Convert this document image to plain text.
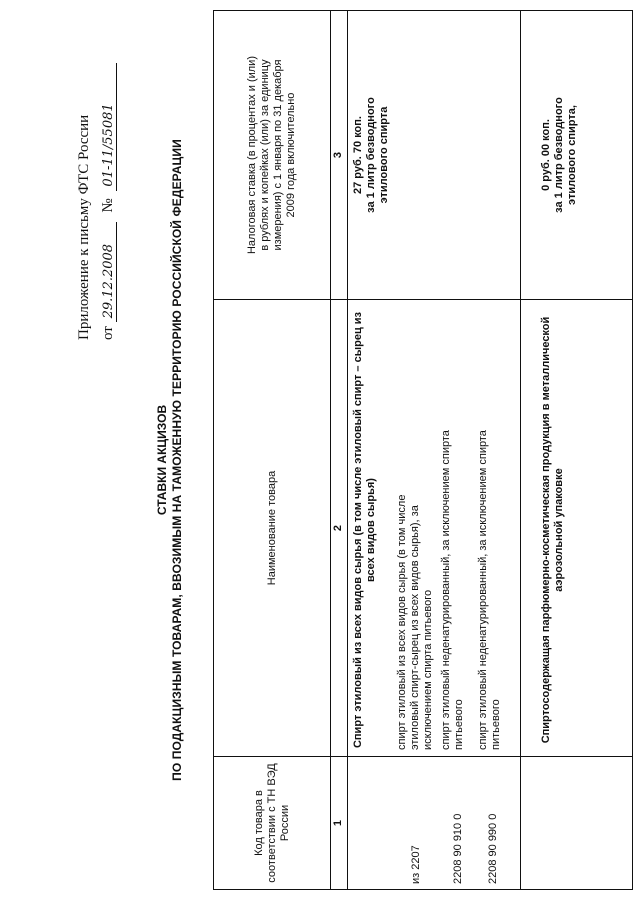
Приложение к письму ФТС России от 29.12.2008 № 01-11/55081
СТАВКИ АКЦИЗОВ ПО ПОДАКЦИЗНЫМ ТОВАРАМ, ВВОЗИМЫМ НА ТАМОЖЕННУЮ ТЕРРИТОРИЮ РОССИЙСКОЙ ФЕДЕРАЦИИ
Код товара в соответствии с ТН ВЭД России
Наименование товара
Налоговая ставка (в процентах и (или) в рублях и копейках (или) за единицу измерения) с 1 января по 31 декабря 2009 года включительно
1
2
3
из 2207
Спирт этиловый из всех видов сырья (в том числе этиловый спирт – сырец из всех видов сырья)
27 руб. 70 коп. за 1 литр безводного этилового спирта
спирт этиловый из всех видов сырья (в том числе этиловый спирт-сырец из всех видов сырья), за исключением спирта питьевого
2208 90 910 0
спирт этиловый неденатурированный, за исключением спирта питьевого
2208 90 990 0
спирт этиловый неденатурированный, за исключением спирта питьевого	Спиртосодержащая парфюмерно-косметическая продукция в металлической аэрозольной упаковке
0 руб. 00 коп. за 1 литр безводного этилового спирта,
